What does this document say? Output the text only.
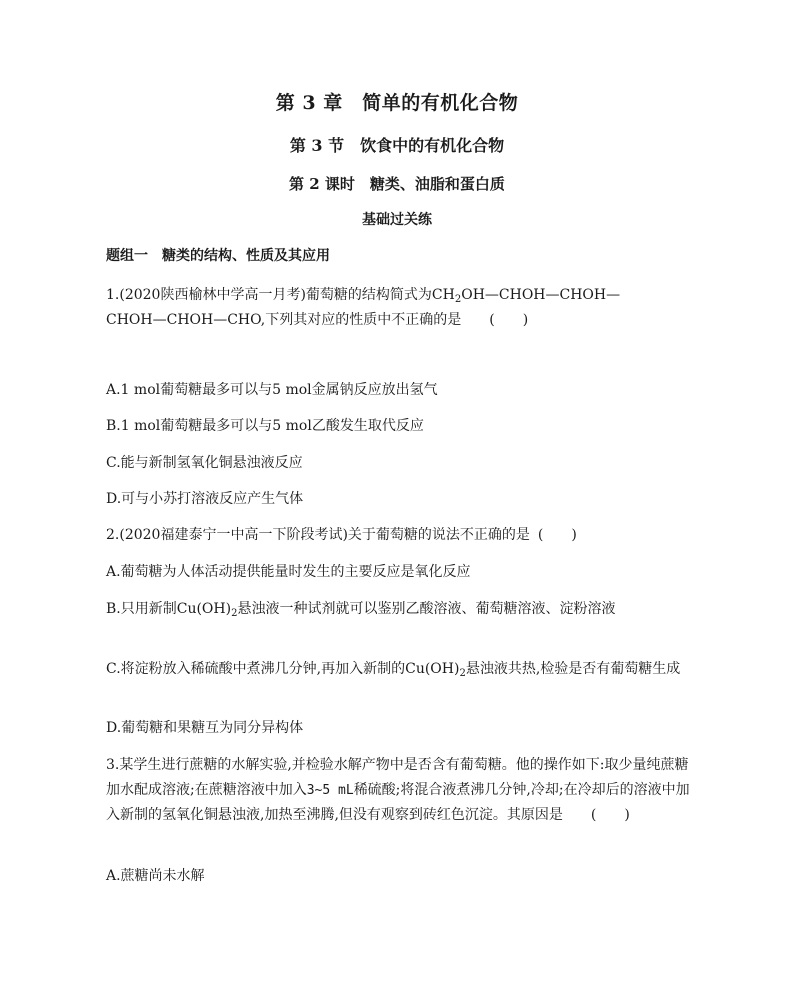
第 3 章　简单的有机化合物
第 3 节　饮食中的有机化合物
第 2 课时　糖类、油脂和蛋白质
基础过关练
题组一　糖类的结构、性质及其应用
1.(2020陕西榆林中学高一月考)葡萄糖的结构简式为$CH_2OH—CHOH—CHOH—$
CHOH—CHOH—CHO,下列其对应的性质中不正确的是 (　　)
A.1 mol葡萄糖最多可以与5 mol金属钠反应放出氢气
B.1 mol葡萄糖最多可以与5 mol乙酸发生取代反应
C.能与新制氢氧化铜悬浊液反应
D.可与小苏打溶液反应产生气体
2.(2020福建泰宁一中高一下阶段考试)关于葡萄糖的说法不正确的是 (　　)
A.葡萄糖为人体活动提供能量时发生的主要反应是氧化反应
B.只用新制$Cu(OH)_2$悬浊液一种试剂就可以鉴别乙酸溶液、葡萄糖溶液、淀粉溶液
C.将淀粉放入稀硫酸中煮沸几分钟,再加入新制的$Cu(OH)_2$悬浊液共热,检验是否有葡萄糖生成
D.葡萄糖和果糖互为同分异构体
3.某学生进行蔗糖的水解实验,并检验水解产物中是否含有葡萄糖。他的操作如下:取少量纯蔗糖加水配成溶液;在蔗糖溶液中加入3~5 mL稀硫酸;将混合液煮沸几分钟,冷却;在冷却后的溶液中加入新制的氢氧化铜悬浊液,加热至沸腾,但没有观察到砖红色沉淀。其原因是 (　　)
A.蔗糖尚未水解
